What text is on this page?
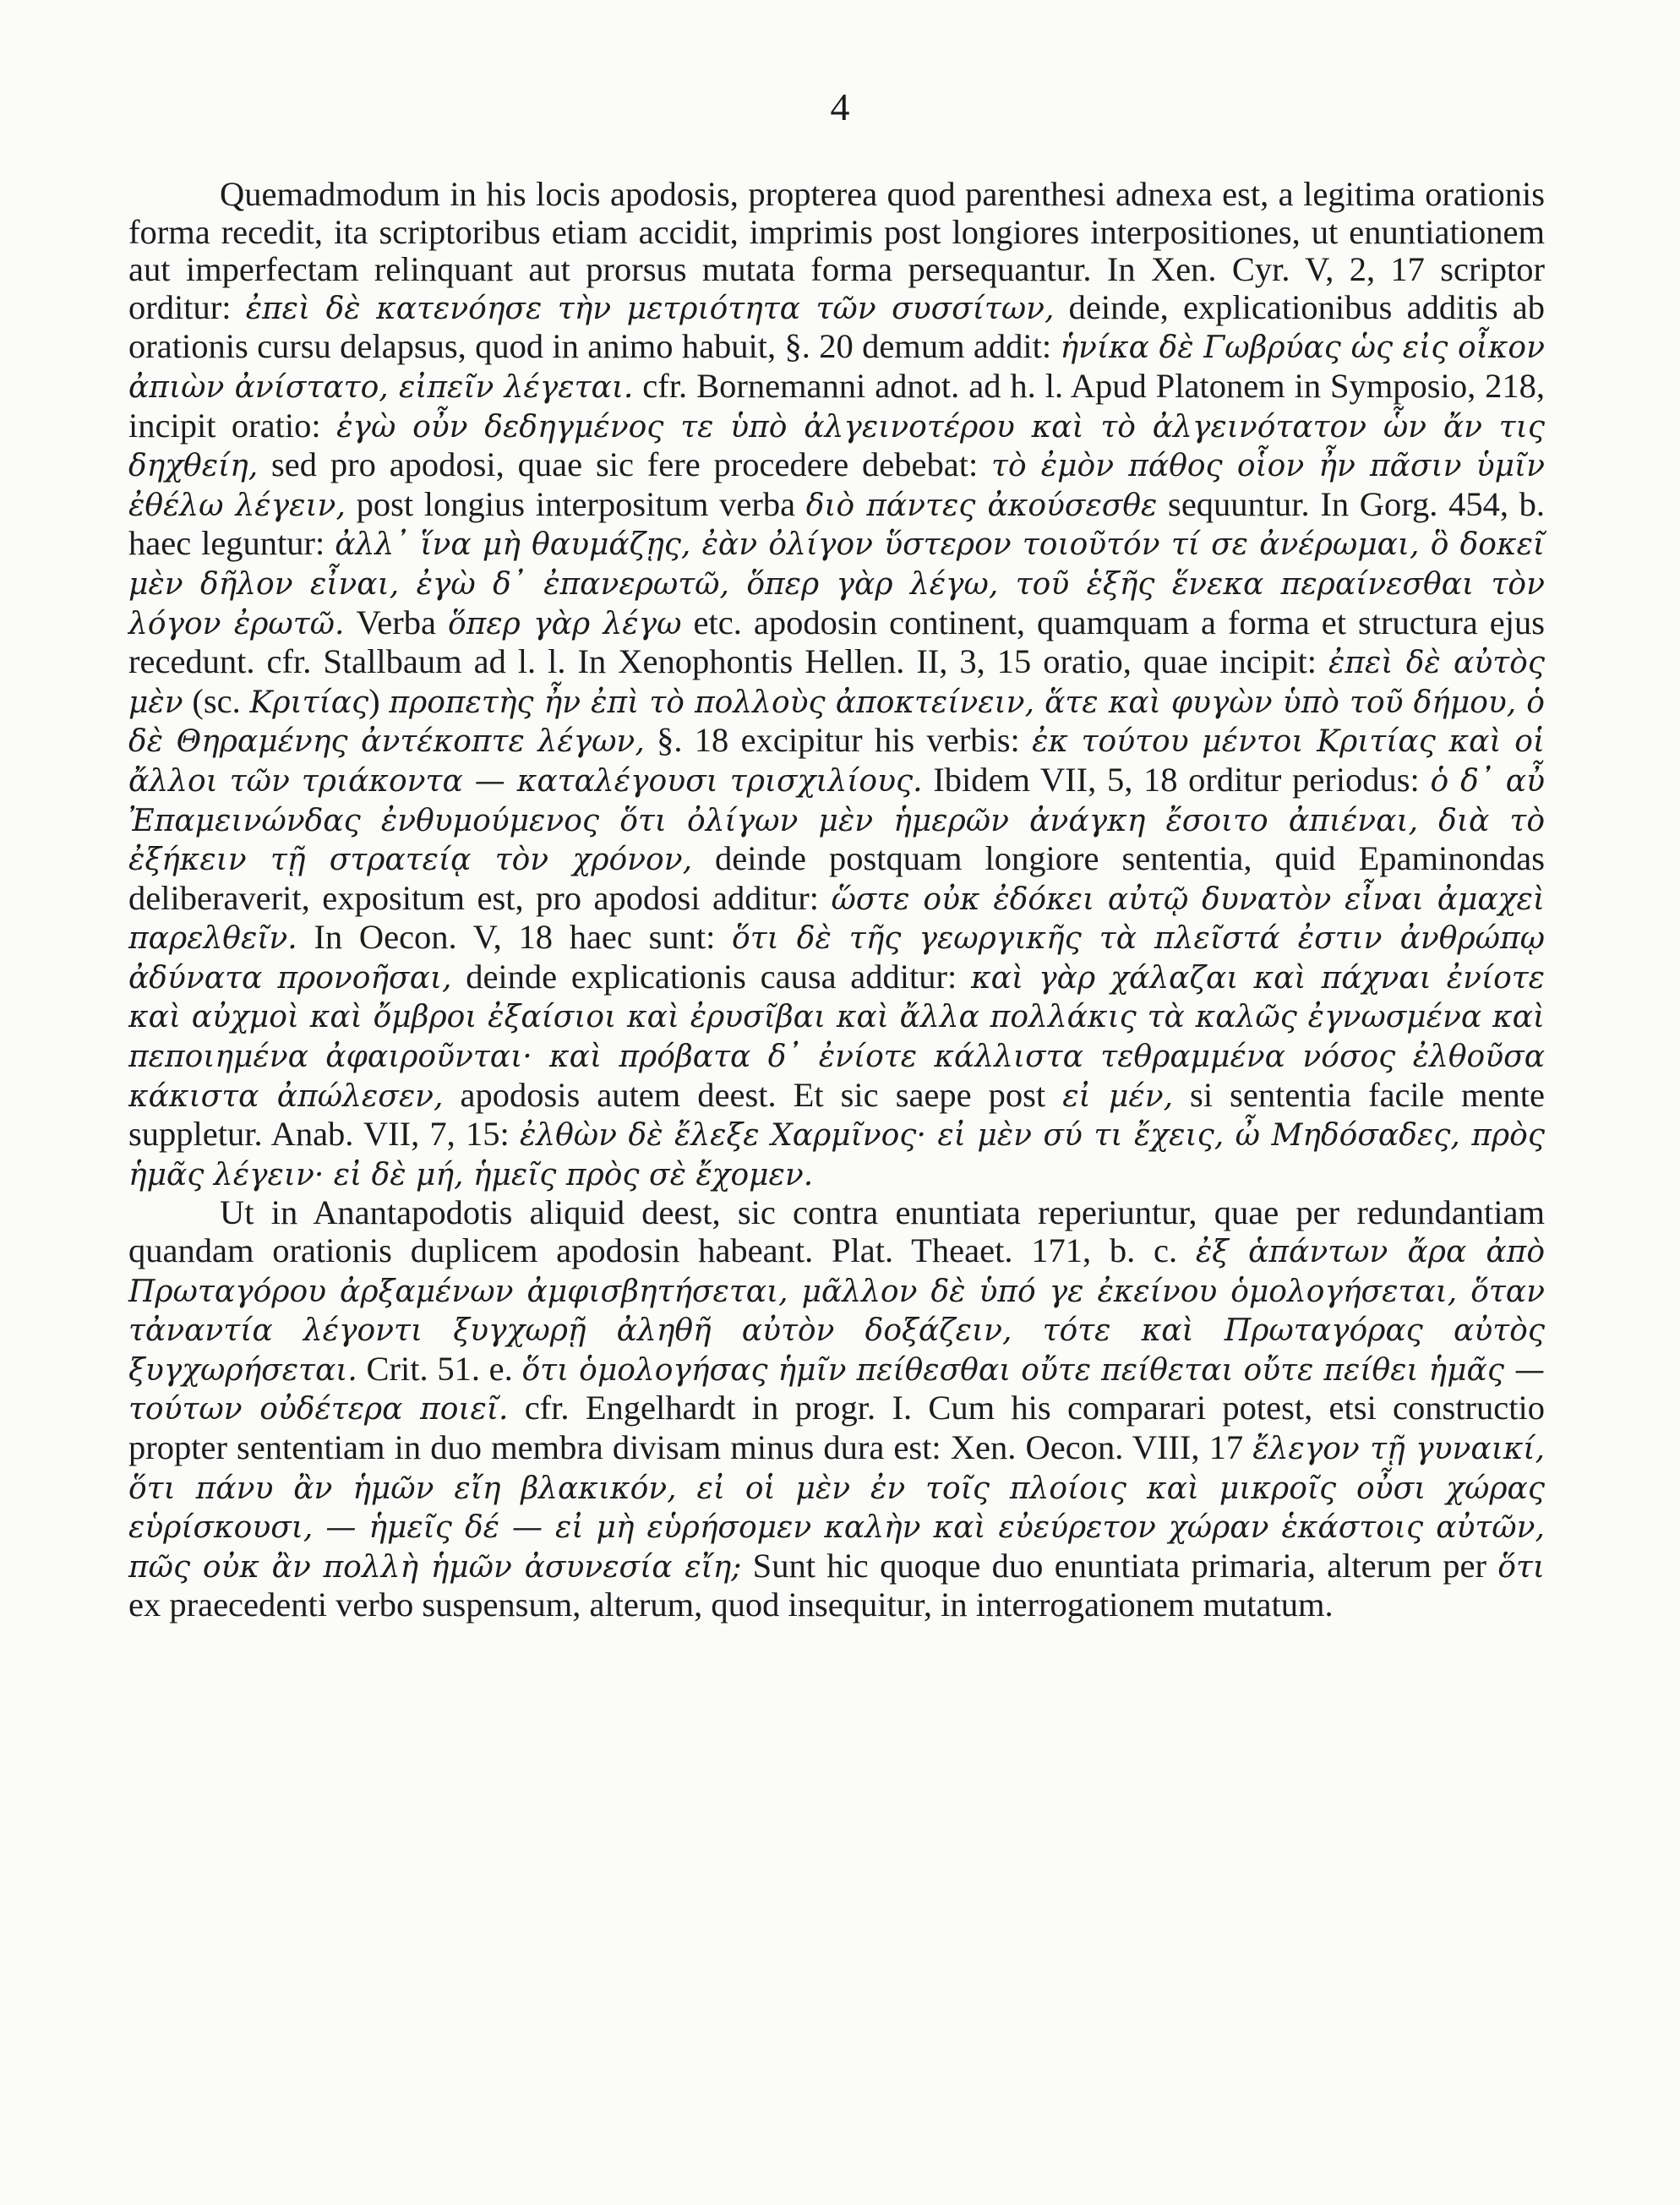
4

Quemadmodum in his locis apodosis, propterea quod parenthesi adnexa est, a legitima orationis forma recedit, ita scriptoribus etiam accidit, imprimis post longiores interpositiones, ut enuntiationem aut imperfectam relinquant aut prorsus mutata forma persequantur. In Xen. Cyr. V, 2, 17 scriptor orditur: ἐπεὶ δὲ κατενόησε τὴν μετριότητα τῶν συσσίτων, deinde, explicationibus additis ab orationis cursu delapsus, quod in animo habuit, §. 20 demum addit: ἡνίκα δὲ Γωβρύας ὡς εἰς οἶκον ἀπιὼν ἀνίστατο, εἰπεῖν λέγεται. cfr. Bornemanni adnot. ad h. l. Apud Platonem in Symposio, 218, incipit oratio: ἐγὼ οὖν δεδηγμένος τε ὑπὸ ἀλγεινοτέρου καὶ τὸ ἀλγεινότατον ὧν ἄν τις δηχθείη, sed pro apodosi, quae sic fere procedere debebat: τὸ ἐμὸν πάθος οἷον ἦν πᾶσιν ὑμῖν ἐθέλω λέγειν, post longius interpositum verba διὸ πάντες ἀκούσεσθε sequuntur. In Gorg. 454, b. haec leguntur: ἀλλ᾽ ἵνα μὴ θαυμάζῃς, ἐὰν ὀλίγον ὕστερον τοιοῦτόν τί σε ἀνέρωμαι, ὃ δοκεῖ μὲν δῆλον εἶναι, ἐγὼ δ᾽ ἐπανερωτῶ, ὅπερ γὰρ λέγω, τοῦ ἑξῆς ἕνεκα περαίνεσθαι τὸν λόγον ἐρωτῶ. Verba ὅπερ γὰρ λέγω etc. apodosin continent, quamquam a forma et structura ejus recedunt. cfr. Stallbaum ad l. l. In Xenophontis Hellen. II, 3, 15 oratio, quae incipit: ἐπεὶ δὲ αὐτὸς μὲν (sc. Κριτίας) προπετὴς ἦν ἐπὶ τὸ πολλοὺς ἀποκτείνειν, ἅτε καὶ φυγὼν ὑπὸ τοῦ δήμου, ὁ δὲ Θηραμένης ἀντέκοπτε λέγων, §. 18 excipitur his verbis: ἐκ τούτου μέντοι Κριτίας καὶ οἱ ἄλλοι τῶν τριάκοντα — καταλέγουσι τρισχιλίους. Ibidem VII, 5, 18 orditur periodus: ὁ δ᾽ αὖ Ἐπαμεινώνδας ἐνθυμούμενος ὅτι ὀλίγων μὲν ἡμερῶν ἀνάγκη ἔσοιτο ἀπιέναι, διὰ τὸ ἐξήκειν τῇ στρατείᾳ τὸν χρόνον, deinde postquam longiore sententia, quid Epaminondas deliberaverit, expositum est, pro apodosi additur: ὥστε οὐκ ἐδόκει αὐτῷ δυνατὸν εἶναι ἀμαχεὶ παρελθεῖν. In Oecon. V, 18 haec sunt: ὅτι δὲ τῆς γεωργικῆς τὰ πλεῖστά ἐστιν ἀνθρώπῳ ἀδύνατα προνοῆσαι, deinde explicationis causa additur: καὶ γὰρ χάλαζαι καὶ πάχναι ἐνίοτε καὶ αὐχμοὶ καὶ ὄμβροι ἐξαίσιοι καὶ ἐρυσῖβαι καὶ ἄλλα πολλάκις τὰ καλῶς ἐγνωσμένα καὶ πεποιημένα ἀφαιροῦνται· καὶ πρόβατα δ᾽ ἐνίοτε κάλλιστα τεθραμμένα νόσος ἐλθοῦσα κάκιστα ἀπώλεσεν, apodosis autem deest. Et sic saepe post εἰ μέν, si sententia facile mente suppletur. Anab. VII, 7, 15: ἐλθὼν δὲ ἔλεξε Χαρμῖνος· εἰ μὲν σύ τι ἔχεις, ὦ Μηδόσαδες, πρὸς ἡμᾶς λέγειν· εἰ δὲ μή, ἡμεῖς πρὸς σὲ ἔχομεν.

Ut in Anantapodotis aliquid deest, sic contra enuntiata reperiuntur, quae per redundantiam quandam orationis duplicem apodosin habeant. Plat. Theaet. 171, b. c. ἐξ ἁπάντων ἄρα ἀπὸ Πρωταγόρου ἀρξαμένων ἀμφισβητήσεται, μᾶλλον δὲ ὑπό γε ἐκείνου ὁμολογήσεται, ὅταν τἀναντία λέγοντι ξυγχωρῇ ἀληθῆ αὐτὸν δοξάζειν, τότε καὶ Πρωταγόρας αὐτὸς ξυγχωρήσεται. Crit. 51. e. ὅτι ὁμολογήσας ἡμῖν πείθεσθαι οὔτε πείθεται οὔτε πείθει ἡμᾶς — τούτων οὐδέτερα ποιεῖ. cfr. Engelhardt in progr. I. Cum his comparari potest, etsi constructio propter sententiam in duo membra divisam minus dura est: Xen. Oecon. VIII, 17 ἔλεγον τῇ γυναικί, ὅτι πάνυ ἂν ἡμῶν εἴη βλακικόν, εἰ οἱ μὲν ἐν τοῖς πλοίοις καὶ μικροῖς οὖσι χώρας εὑρίσκουσι, — ἡμεῖς δέ — εἰ μὴ εὑρήσομεν καλὴν καὶ εὐεύρετον χώραν ἑκάστοις αὐτῶν, πῶς οὐκ ἂν πολλὴ ἡμῶν ἀσυνεσία εἴη; Sunt hic quoque duo enuntiata primaria, alterum per ὅτι ex praecedenti verbo suspensum, alterum, quod insequitur, in interrogationem mutatum.
